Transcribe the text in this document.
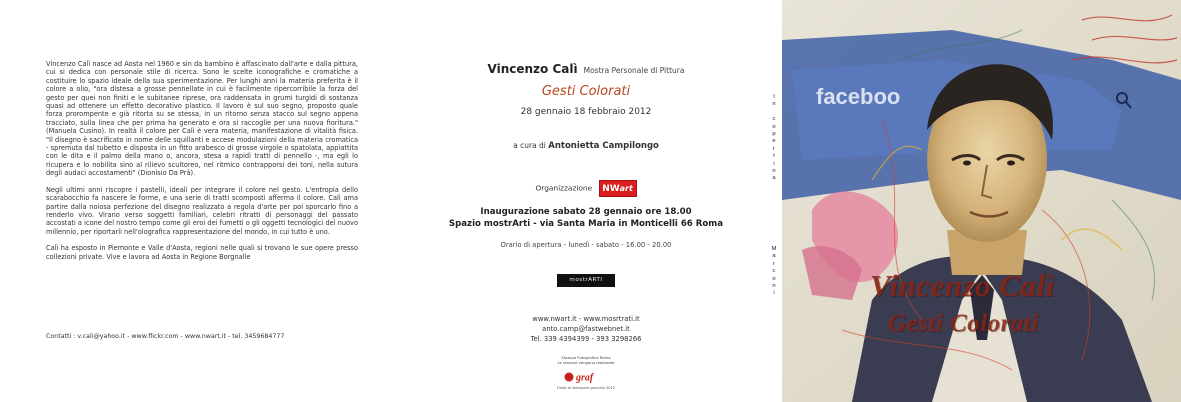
Vincenzo Calì nasce ad Aosta nel 1960 e sin da bambino è affascinato dall'arte e dalla pittura, cui si dedica con personale stile di ricerca. Sono le scelte iconografiche e cromatiche a costituire lo spazio ideale della sua sperimentazione. Per lunghi anni la materia preferita è il colore a olio, "ora distesa a grosse pennellate in cui è facilmente ripercorribile la forza del gesto per quei non finiti e le subitanee riprese, ora raddensata in grumi turgidi di sostanza quasi ad ottenere un effetto decorativo plastico. Il lavoro è sul suo segno, proposto quale forza prorompente e già ritorta su se stessa, in un ritorno senza stacco sul segno appena tracciato, sulla linea che per prima ha generato e ora si raccoglie per una nuova fioritura." (Manuela Cusino). In realtà il colore per Calì è vera materia, manifestazione di vitalità fisica. "Il disegno è sacrificato in nome delle squillanti e accese modulazioni della materia cromatica - spremuta dal tubetto e disposta in un fitto arabesco di grosse virgole o spatolata, appiattita con le dita e il palmo della mano o, ancora, stesa a rapidi tratti di pennello -, ma egli lo ricupera e lo nobilita sino al rilievo scultoreo, nel ritmico contrapporsi dei toni, nella sutura degli audaci accostamenti" (Dionisio Da Prà).

Negli ultimi anni riscopre i pastelli, ideali per integrare il colore nel gesto. L'entropia dello scarabocchio fa nascere le forme, e una serie di tratti scomposti afferma il colore. Calì ama partire dalla noiosa perfezione del disegno realizzato a regola d'arte per poi sporcarlo fino a renderlo vivo. Virano verso soggetti familiari, celebri ritratti di personaggi del passato accostati a icone del nostro tempo come gli eroi dei fumetti o gli oggetti tecnologici del nuovo millennio, per riportarli nell'olografica rappresentazione del mondo, in cui tutto è uno.

Calì ha esposto in Piemonte e Valle d'Aosta, regioni nelle quali si trovano le sue opere presso collezioni private. Vive e lavora ad Aosta in Regione Borgnalle

Contatti : v.cali@yahoo.it - www.flickr.com - www.nwart.it - tel. 3459684777
Vincenzo Calì Mostra Personale di Pittura
Gesti Colorati
28 gennaio 18 febbraio 2012
a cura di Antonietta Campilongo
Organizzazione NWart
Inaugurazione sabato 28 gennaio ore 18.00
Spazio mostrArti - via Santa Maria in Monticelli 66 Roma
Orario di apertura - lunedì - sabato - 16.00 - 20.00
mostrARTI
www.nwart.it - www.mosrtrati.it
anto.camp@fastwebnet.it
Tel. 339 4394399 - 393 3298266
Stampa Fotografica Roma
Le stampe vengono realizzate
graf
Finito di stampare gennaio 2012
I
n

c
o
p
e
r
t
i
n
a
M
a
r
c
o
n
i
faceboo
Vincenzo Calì
Gesti Colorati
